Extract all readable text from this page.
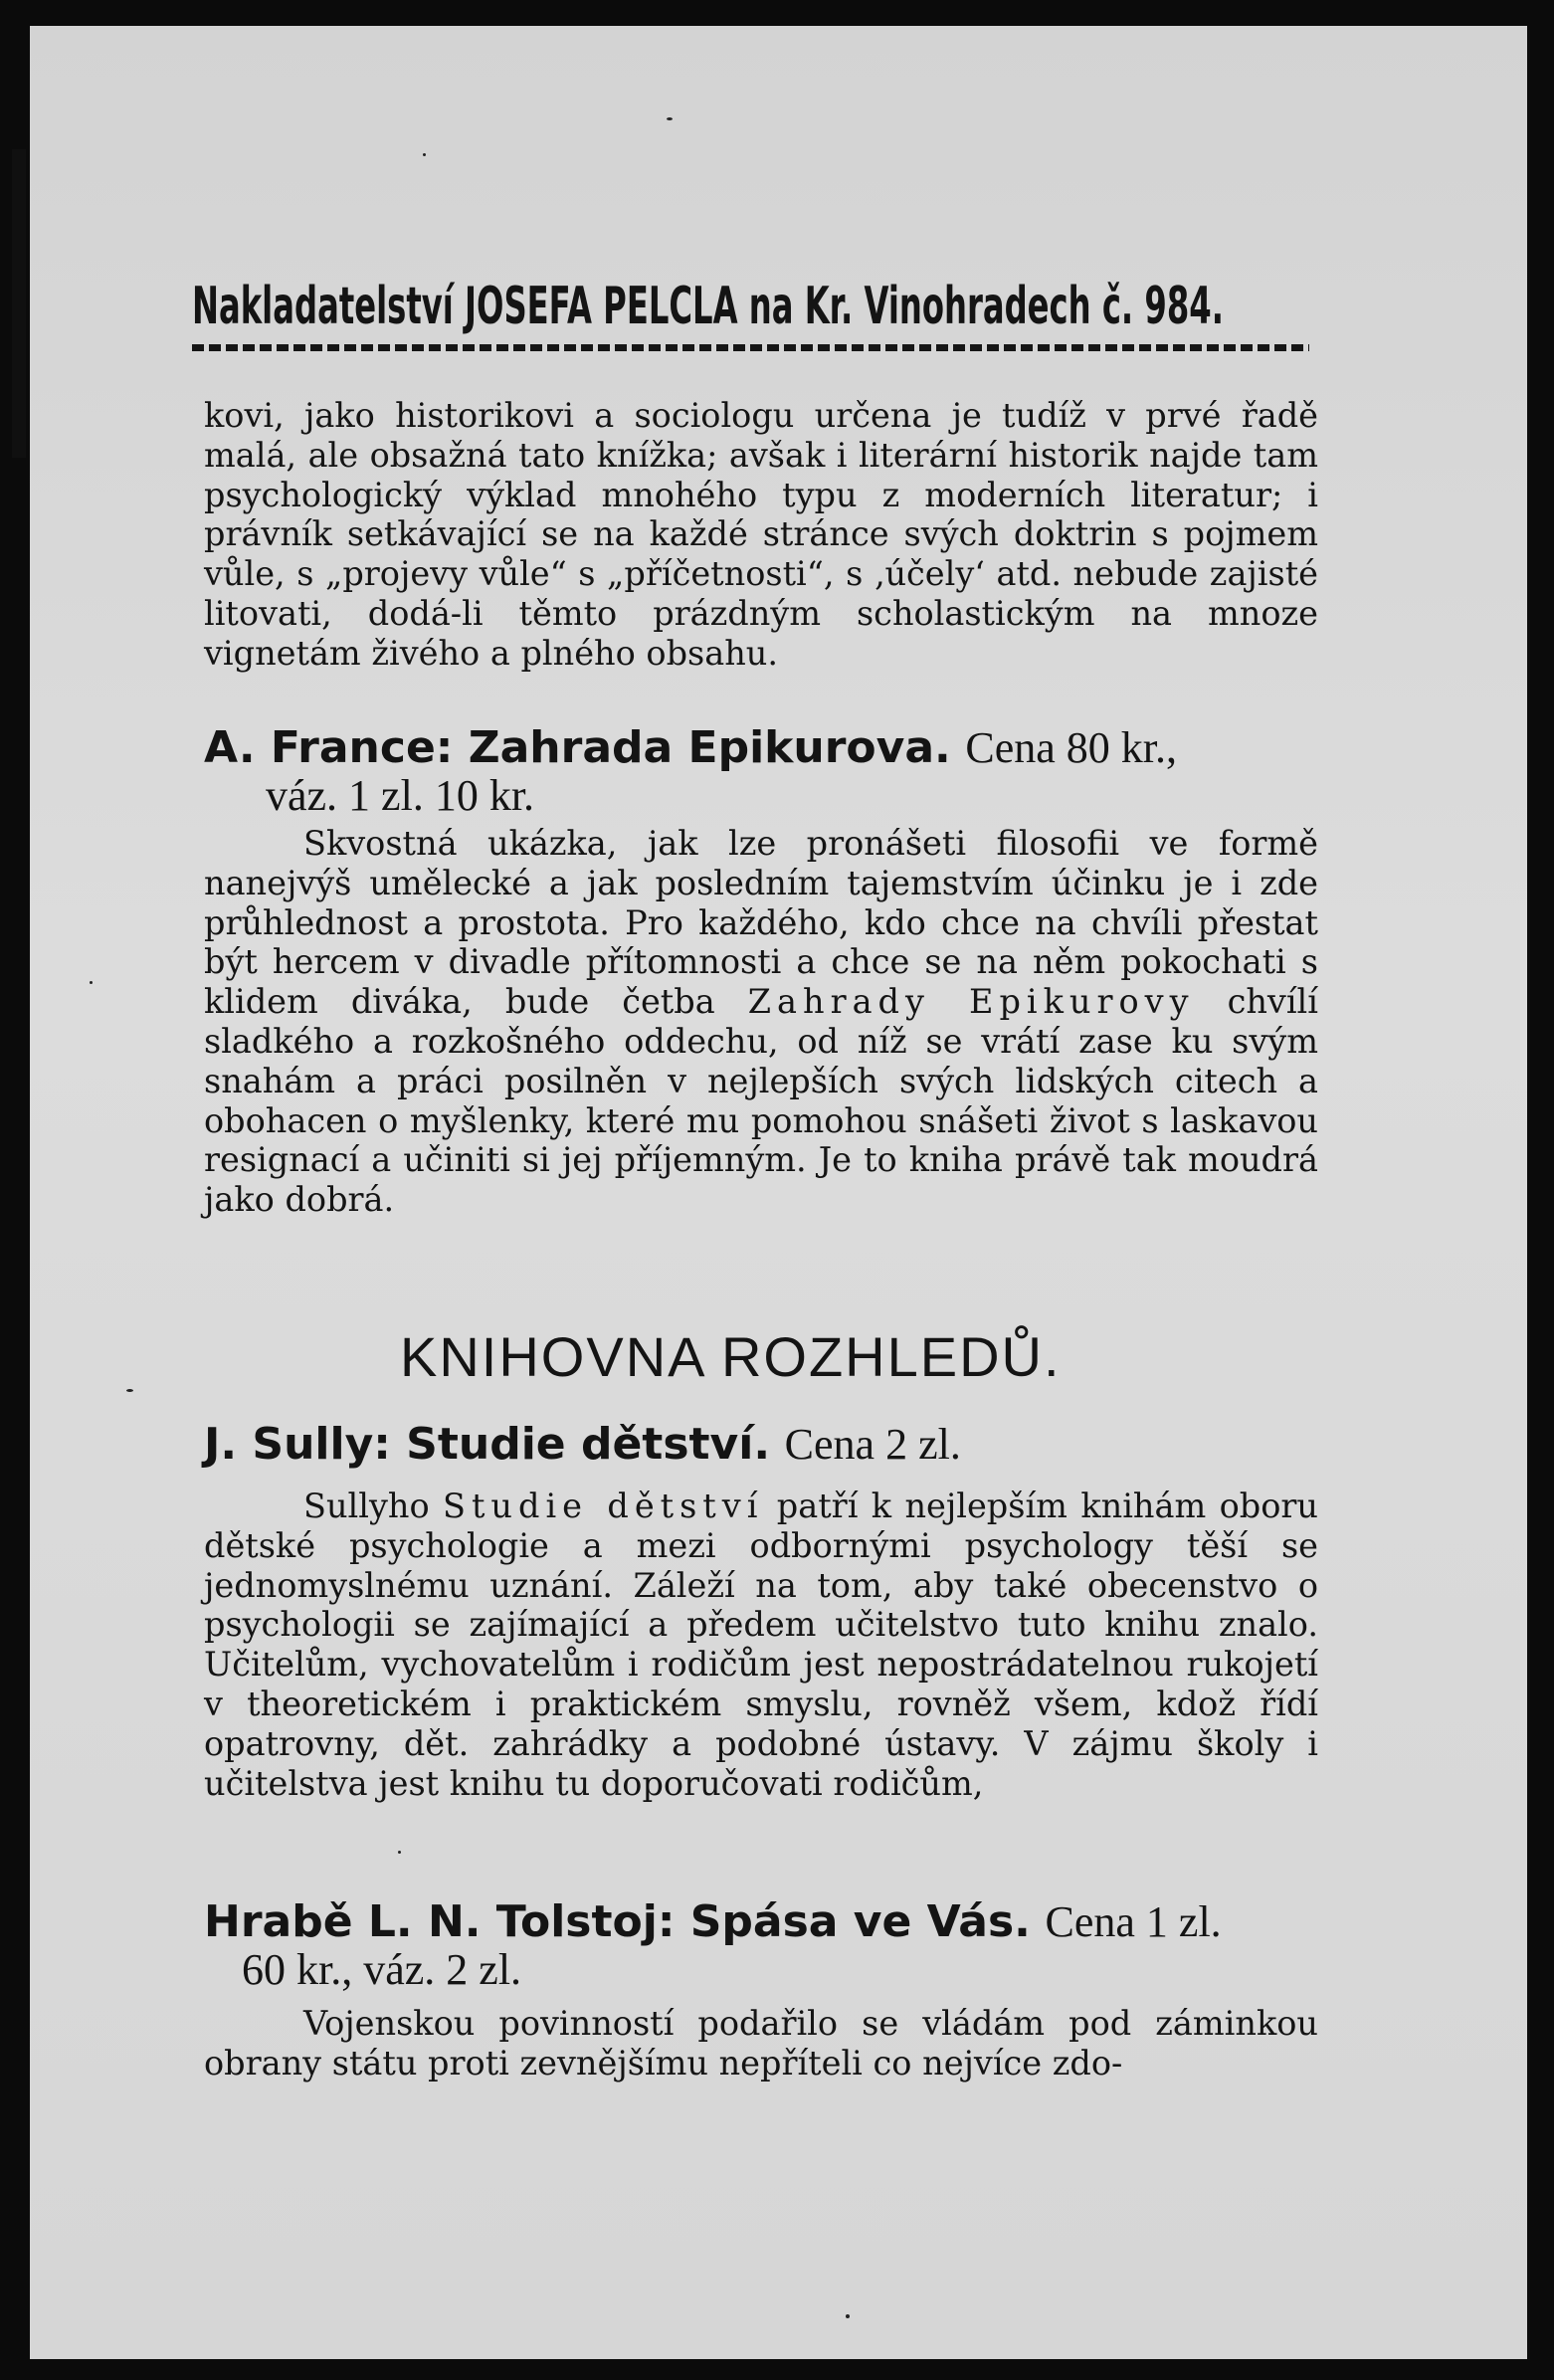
Nakladatelství JOSEFA PELCLA na Kr. Vinohradech č. 984.

kovi, jako historikovi a sociologu určena je tudíž v prvé řadě malá, ale obsažná tato knížka; avšak i literární historik najde tam psychologický výklad mnohého typu z moderních literatur; i právník setkávající se na každé stránce svých doktrin s pojmem vůle, s „projevy vůle“ s „příčetnosti“, s ‚účely‘ atd. nebude zajisté litovati, dodá-li těmto prázdným scholastickým na mnoze vignetám živého a plného obsahu.

A. France: Zahrada Epikurova. Cena 80 kr.,
váz. 1 zl. 10 kr.

Skvostná ukázka, jak lze pronášeti filosofii ve formě nanejvýš umělecké a jak posledním tajemstvím účinku je i zde průhlednost a prostota. Pro každého, kdo chce na chvíli přestat být hercem v divadle přítomnosti a chce se na něm pokochati s klidem diváka, bude četba Zahrady Epikurovy chvílí sladkého a rozkošného oddechu, od níž se vrátí zase ku svým snahám a práci posilněn v nejlepších svých lidských citech a obohacen o myšlenky, které mu pomohou snášeti život s laskavou resignací a učiniti si jej příjemným. Je to kniha právě tak moudrá jako dobrá.

KNIHOVNA ROZHLEDŮ.
J. Sully: Studie dětství. Cena 2 zl.

Sullyho Studie dětství patří k nejlepším knihám oboru dětské psychologie a mezi odbornými psychology těší se jednomyslnému uznání. Záleží na tom, aby také obecenstvo o psychologii se zajímající a předem učitelstvo tuto knihu znalo. Učitelům, vychovatelům i rodičům jest nepostrádatelnou rukojetí v theoretickém i praktickém smyslu, rovněž všem, kdož řídí opatrovny, dět. zahrádky a podobné ústavy. V zájmu školy i učitelstva jest knihu tu doporučovati rodičům,

Hrabě L. N. Tolstoj: Spása ve Vás. Cena 1 zl.
60 kr., váz. 2 zl.

Vojenskou povinností podařilo se vládám pod záminkou obrany státu proti zevnějšímu nepříteli co nejvíce zdo-
